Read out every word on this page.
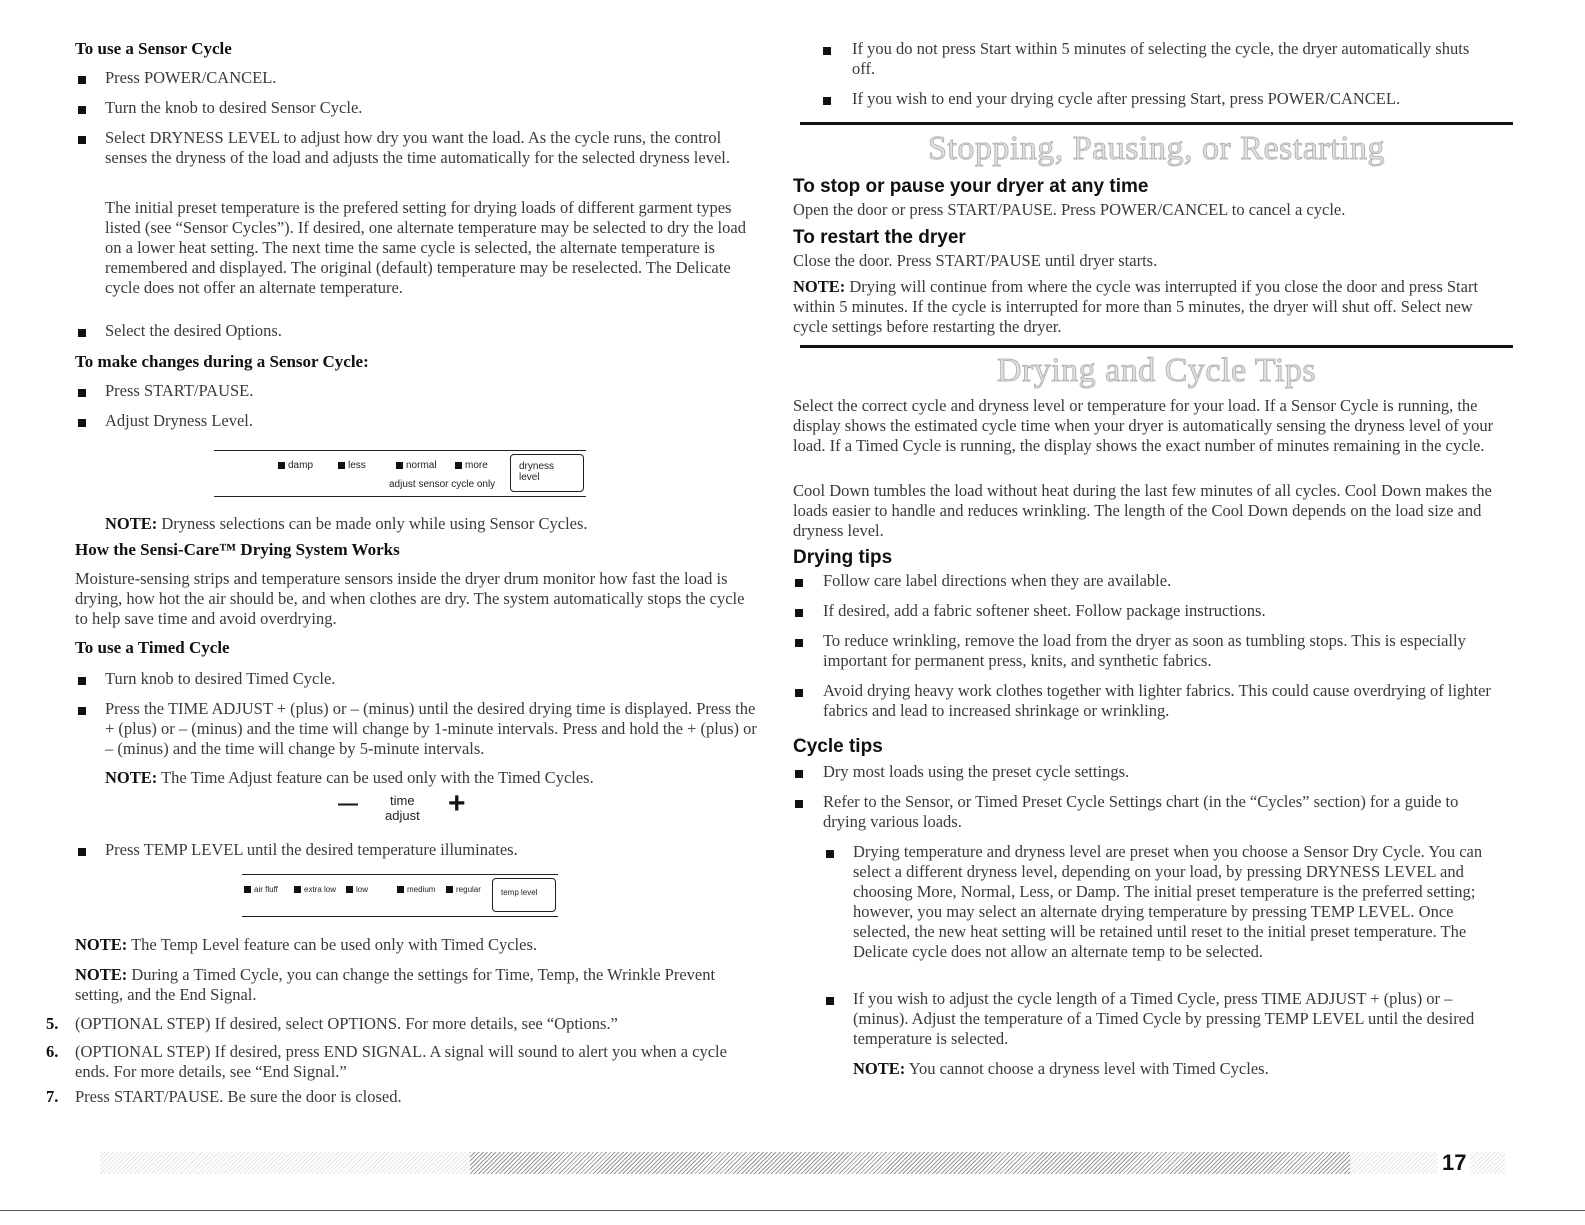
To use a Sensor Cycle
Press POWER/CANCEL.
Turn the knob to desired Sensor Cycle.
Select DRYNESS LEVEL to adjust how dry you want the load. As the cycle runs, the control senses the dryness of the load and adjusts the time automatically for the selected dryness level.
The initial preset temperature is the prefered setting for drying loads of different garment types listed (see “Sensor Cycles”). If desired, one alternate temperature may be selected to dry the load on a lower heat setting. The next time the same cycle is selected, the alternate temperature is remembered and displayed. The original (default) temperature may be reselected. The Delicate cycle does not offer an alternate temperature.
Select the desired Options.
To make changes during a Sensor Cycle:
Press START/PAUSE.
Adjust Dryness Level.
damp	less	normal	more
adjust sensor cycle only
dryness level
NOTE: Dryness selections can be made only while using Sensor Cycles.
How the Sensi-Care™ Drying System Works
Moisture-sensing strips and temperature sensors inside the dryer drum monitor how fast the load is drying, how hot the air should be, and when clothes are dry. The system automatically stops the cycle to help save time and avoid overdrying.
To use a Timed Cycle
Turn knob to desired Timed Cycle.
Press the TIME ADJUST + (plus) or – (minus) until the desired drying time is displayed. Press the + (plus) or – (minus) and the time will change by 1-minute intervals. Press and hold the + (plus) or – (minus) and the time will change by 5-minute intervals.
NOTE: The Time Adjust feature can be used only with the Timed Cycles.
— time
adjust +
Press TEMP LEVEL until the desired temperature illuminates.
air fluff	extra low	low	medium	regular	temp level
NOTE: The Temp Level feature can be used only with Timed Cycles.
NOTE: During a Timed Cycle, you can change the settings for Time, Temp, the Wrinkle Prevent setting, and the End Signal.
5. (OPTIONAL STEP) If desired, select OPTIONS. For more details, see “Options.”
6. (OPTIONAL STEP) If desired, press END SIGNAL. A signal will sound to alert you when a cycle ends. For more details, see “End Signal.”
7. Press START/PAUSE. Be sure the door is closed.
If you do not press Start within 5 minutes of selecting the cycle, the dryer automatically shuts off.
If you wish to end your drying cycle after pressing Start, press POWER/CANCEL.
Stopping, Pausing, or Restarting
To stop or pause your dryer at any time
Open the door or press START/PAUSE. Press POWER/CANCEL to cancel a cycle.
To restart the dryer
Close the door. Press START/PAUSE until dryer starts.
NOTE: Drying will continue from where the cycle was interrupted if you close the door and press Start within 5 minutes. If the cycle is interrupted for more than 5 minutes, the dryer will shut off. Select new cycle settings before restarting the dryer.
Drying and Cycle Tips
Select the correct cycle and dryness level or temperature for your load. If a Sensor Cycle is running, the display shows the estimated cycle time when your dryer is automatically sensing the dryness level of your load. If a Timed Cycle is running, the display shows the exact number of minutes remaining in the cycle.
Cool Down tumbles the load without heat during the last few minutes of all cycles. Cool Down makes the loads easier to handle and reduces wrinkling. The length of the Cool Down depends on the load size and dryness level.
Drying tips
Follow care label directions when they are available.
If desired, add a fabric softener sheet. Follow package instructions.
To reduce wrinkling, remove the load from the dryer as soon as tumbling stops. This is especially important for permanent press, knits, and synthetic fabrics.
Avoid drying heavy work clothes together with lighter fabrics. This could cause overdrying of lighter fabrics and lead to increased shrinkage or wrinkling.
Cycle tips
Dry most loads using the preset cycle settings.
Refer to the Sensor, or Timed Preset Cycle Settings chart (in the “Cycles” section) for a guide to drying various loads.
Drying temperature and dryness level are preset when you choose a Sensor Dry Cycle. You can select a different dryness level, depending on your load, by pressing DRYNESS LEVEL and choosing More, Normal, Less, or Damp. The initial preset temperature is the preferred setting; however, you may select an alternate drying temperature by pressing TEMP LEVEL. Once selected, the new heat setting will be retained until reset to the initial preset temperature. The Delicate cycle does not allow an alternate temp to be selected.
If you wish to adjust the cycle length of a Timed Cycle, press TIME ADJUST + (plus) or – (minus). Adjust the temperature of a Timed Cycle by pressing TEMP LEVEL until the desired temperature is selected.
NOTE: You cannot choose a dryness level with Timed Cycles.
17
